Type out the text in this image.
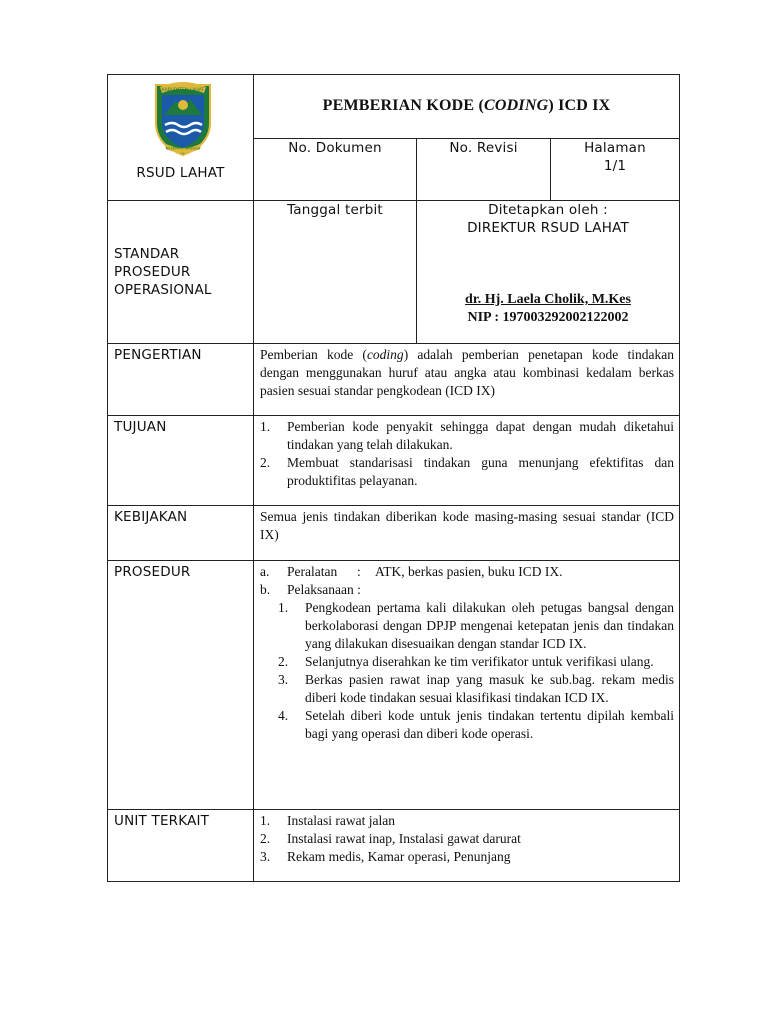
KABUPATEN LAHAT
BESEMAH RANGGA
RSUD LAHAT
PEMBERIAN KODE (CODING) ICD IX
No. Dokumen	No. Revisi	Halaman
1/1
STANDAR PROSEDUR OPERASIONAL
Tanggal terbit	Ditetapkan oleh :
DIREKTUR RSUD LAHAT
dr. Hj. Laela Cholik, M.Kes
NIP : 197003292002122002
PENGERTIAN	Pemberian kode (coding) adalah pemberian penetapan kode tindakan dengan menggunakan huruf atau angka atau kombinasi kedalam berkas pasien sesuai standar pengkodean (ICD IX)
TUJUAN	1. Pemberian kode penyakit sehingga dapat dengan mudah diketahui tindakan yang telah dilakukan.
2. Membuat standarisasi tindakan guna menunjang efektifitas dan produktifitas pelayanan.
KEBIJAKAN	Semua jenis tindakan diberikan kode masing-masing sesuai standar (ICD IX)
PROSEDUR	a. Peralatan : ATK, berkas pasien, buku ICD IX.
b. Pelaksanaan :
1. Pengkodean pertama kali dilakukan oleh petugas bangsal dengan berkolaborasi dengan DPJP mengenai ketepatan jenis dan tindakan yang dilakukan disesuaikan dengan standar ICD IX.
2. Selanjutnya diserahkan ke tim verifikator untuk verifikasi ulang.
3. Berkas pasien rawat inap yang masuk ke sub.bag. rekam medis diberi kode tindakan sesuai klasifikasi tindakan ICD IX.
4. Setelah diberi kode untuk jenis tindakan tertentu dipilah kembali bagi yang operasi dan diberi kode operasi.
UNIT TERKAIT	1. Instalasi rawat jalan
2. Instalasi rawat inap, Instalasi gawat darurat
3. Rekam medis, Kamar operasi, Penunjang
